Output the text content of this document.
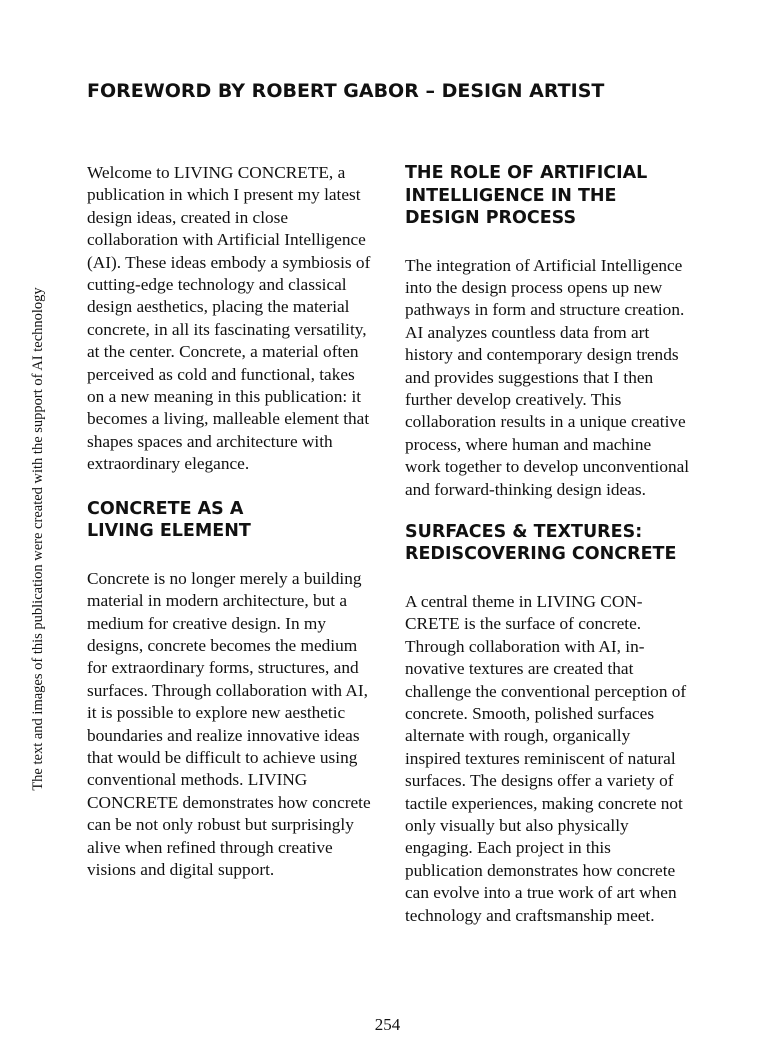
FOREWORD BY ROBERT GABOR – DESIGN ARTIST
The text and images of this publication were created with the support of AI technology

Welcome to LIVING CONCRETE, a publication in which I present my latest design ideas, created in close collaboration with Artificial Intelligence (AI). These ideas embody a symbiosis of cutting-edge technology and classical design aesthetics, placing the material concrete, in all its fascinating versatility, at the center. Concrete, a material often perceived as cold and functional, takes on a new meaning in this publication: it becomes a living, malleable element that shapes spaces and architecture with extraordinary elegance.

CONCRETE AS A LIVING ELEMENT

Concrete is no longer merely a building material in modern architecture, but a medium for creative design. In my designs, concrete becomes the medium for extraordinary forms, structures, and surfaces. Through collaboration with AI, it is possible to explore new aesthetic boundaries and realize innovative ideas that would be difficult to achieve using conventional methods. LIVING CONCRETE demonstrates how concrete can be not only robust but surprisingly alive when refined through creative visions and digital support.

THE ROLE OF ARTIFICIAL INTELLIGENCE IN THE DESIGN PROCESS

The integration of Artificial Intelligence into the design process opens up new pathways in form and structure creation. AI analyzes countless data from art history and contemporary design trends and provides suggestions that I then further develop creatively. This collaboration results in a unique creative process, where human and machine work together to develop unconventional and forward-thinking design ideas.

SURFACES & TEXTURES: REDISCOVERING CONCRETE

A central theme in LIVING CONCRETE is the surface of concrete. Through collaboration with AI, innovative textures are created that challenge the conventional perception of concrete. Smooth, polished surfaces alternate with rough, organically inspired textures reminiscent of natural surfaces. The designs offer a variety of tactile experiences, making concrete not only visually but also physically engaging. Each project in this publication demonstrates how concrete can evolve into a true work of art when technology and craftsmanship meet.

254
